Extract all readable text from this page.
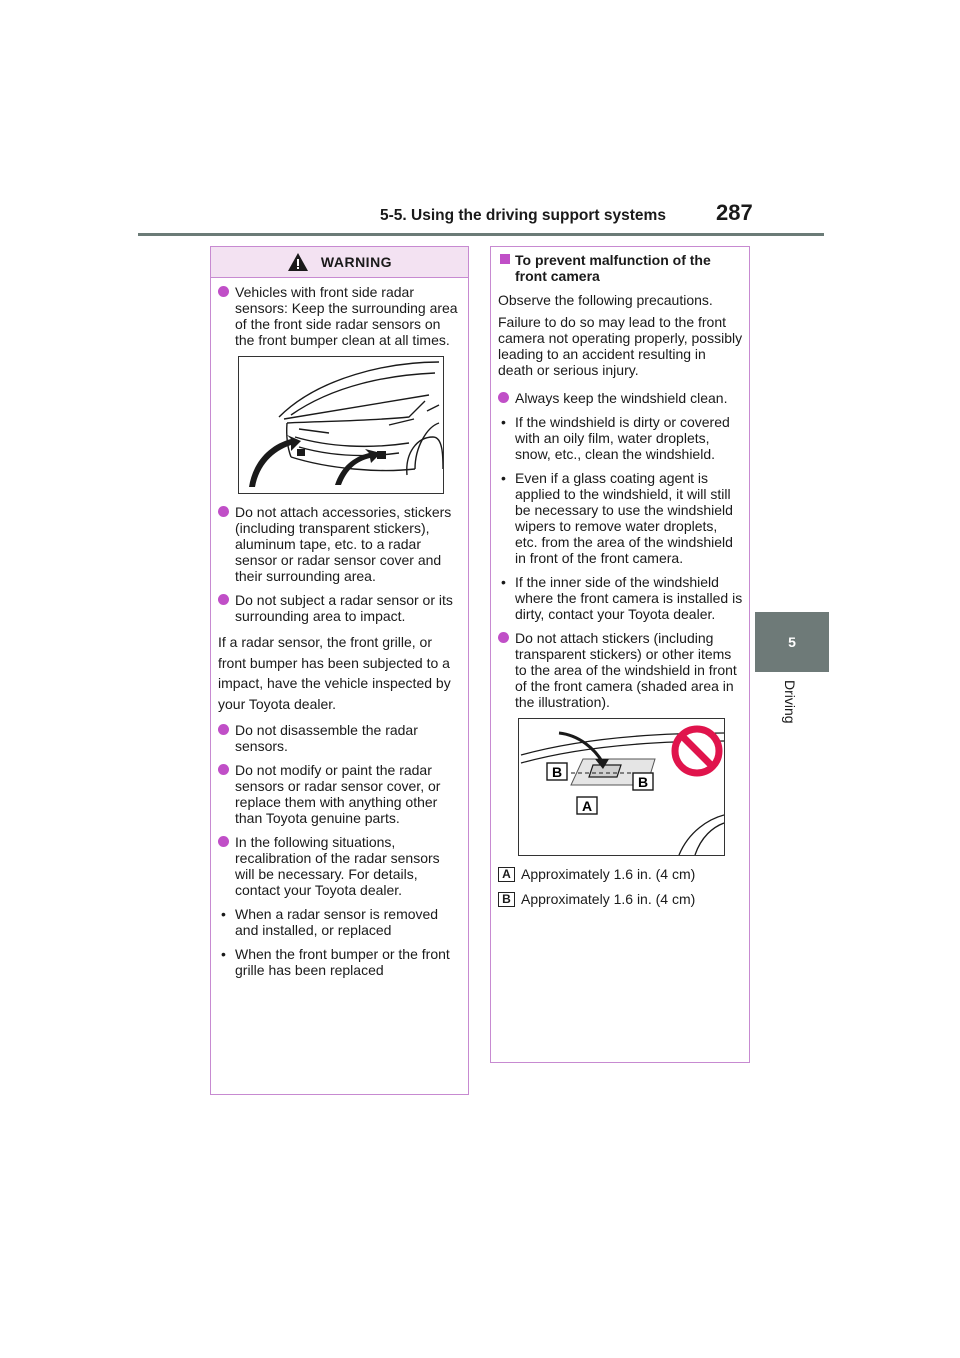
5-5. Using the driving support systems 287
5
Driving
WARNING
Vehicles with front side radar sensors: Keep the surrounding area of the front side radar sensors on the front bumper clean at all times.
Do not attach accessories, stickers (including transparent stickers), aluminum tape, etc. to a radar sensor or radar sensor cover and their surrounding area.
Do not subject a radar sensor or its surrounding area to impact.
If a radar sensor, the front grille, or front bumper has been subjected to a impact, have the vehicle inspected by your Toyota dealer.
Do not disassemble the radar sensors.
Do not modify or paint the radar sensors or radar sensor cover, or replace them with anything other than Toyota genuine parts.
In the following situations, recalibration of the radar sensors will be necessary. For details, contact your Toyota dealer.
• When a radar sensor is removed and installed, or replaced
• When the front bumper or the front grille has been replaced
To prevent malfunction of the front camera
Observe the following precautions.
Failure to do so may lead to the front camera not operating properly, possibly leading to an accident resulting in death or serious injury.
Always keep the windshield clean.
• If the windshield is dirty or covered with an oily film, water droplets, snow, etc., clean the windshield.
• Even if a glass coating agent is applied to the windshield, it will still be necessary to use the windshield wipers to remove water droplets, etc. from the area of the windshield in front of the front camera.
• If the inner side of the windshield where the front camera is installed is dirty, contact your Toyota dealer.
Do not attach stickers (including transparent stickers) or other items to the area of the windshield in front of the front camera (shaded area in the illustration).
B
B
A
A Approximately 1.6 in. (4 cm)
B Approximately 1.6 in. (4 cm)
